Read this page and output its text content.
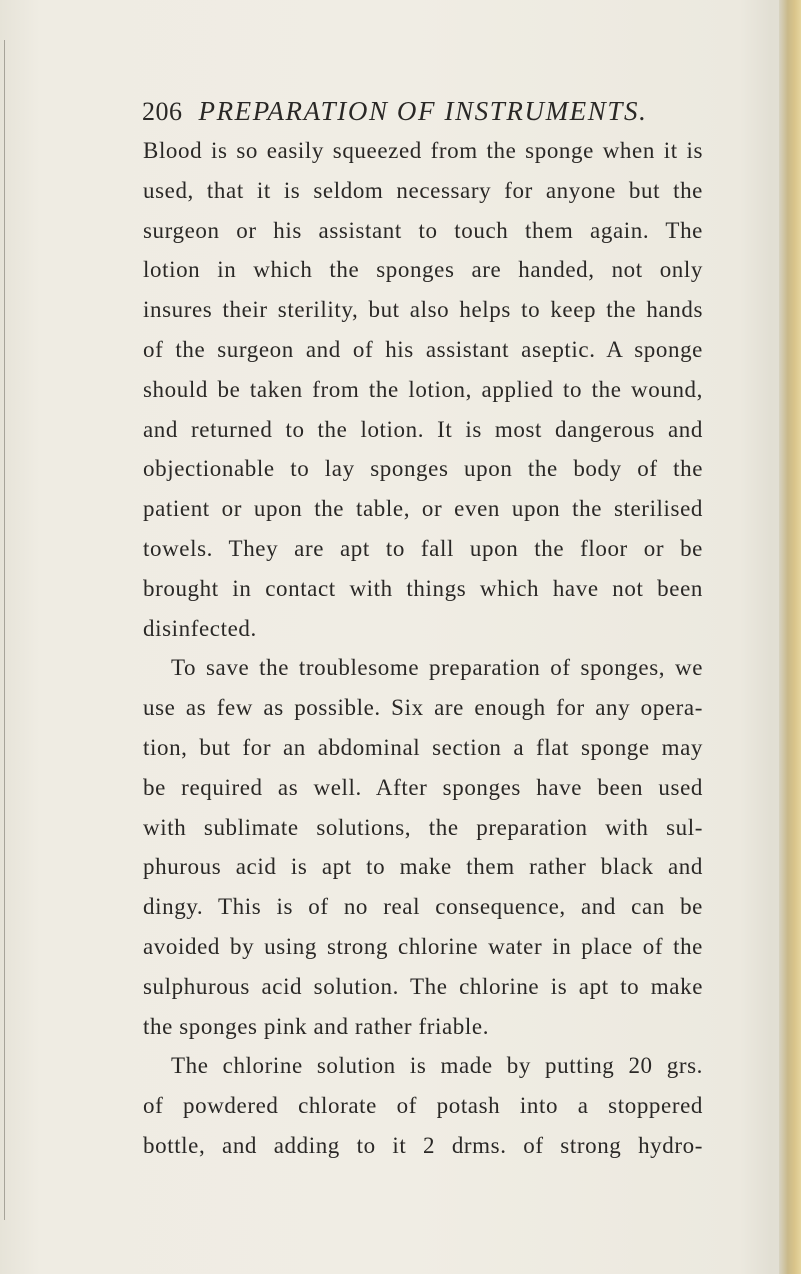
206 PREPARATION OF INSTRUMENTS.
Blood is so easily squeezed from the sponge when it is
used, that it is seldom necessary for anyone but the
surgeon or his assistant to touch them again. The
lotion in which the sponges are handed, not only
insures their sterility, but also helps to keep the hands
of the surgeon and of his assistant aseptic. A sponge
should be taken from the lotion, applied to the wound,
and returned to the lotion. It is most dangerous and
objectionable to lay sponges upon the body of the
patient or upon the table, or even upon the sterilised
towels. They are apt to fall upon the floor or be
brought in contact with things which have not been
disinfected.
To save the troublesome preparation of sponges, we
use as few as possible. Six are enough for any opera-
tion, but for an abdominal section a flat sponge may
be required as well. After sponges have been used
with sublimate solutions, the preparation with sul-
phurous acid is apt to make them rather black and
dingy. This is of no real consequence, and can be
avoided by using strong chlorine water in place of the
sulphurous acid solution. The chlorine is apt to make
the sponges pink and rather friable.
The chlorine solution is made by putting 20 grs.
of powdered chlorate of potash into a stoppered
bottle, and adding to it 2 drms. of strong hydro-
